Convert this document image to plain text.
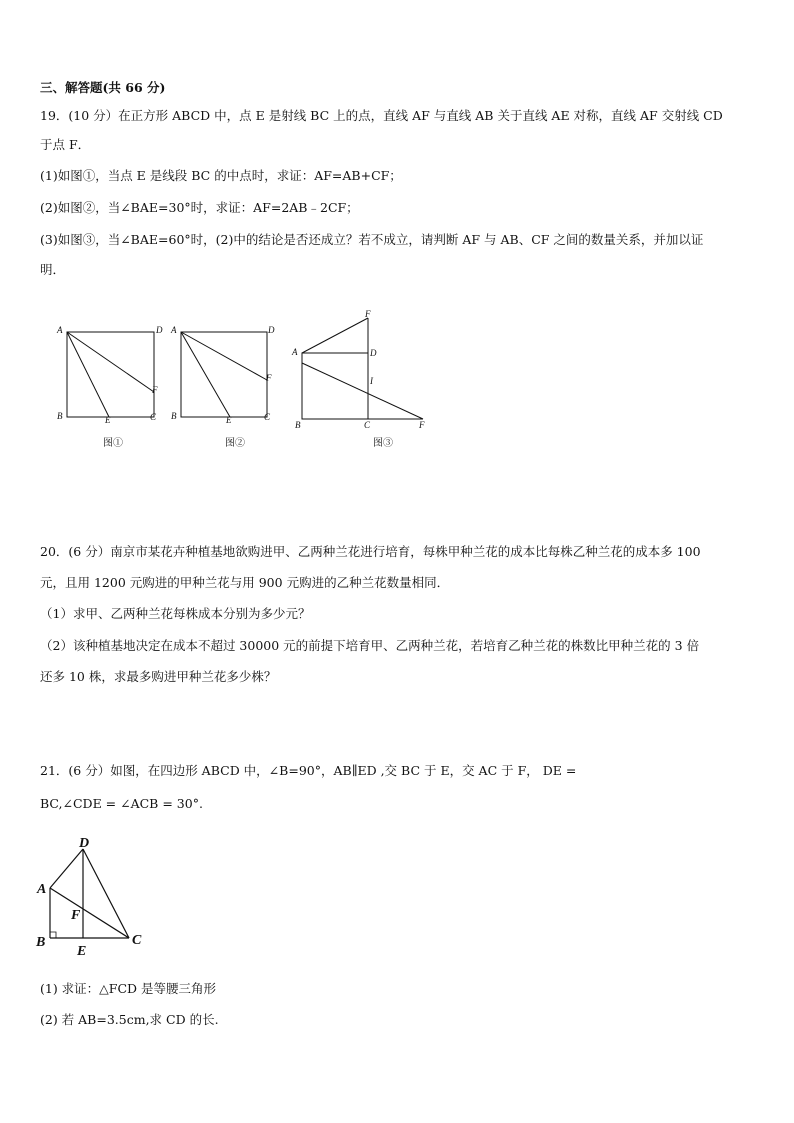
三、解答题(共 66 分)
19．(10 分）在正方形 ABCD 中，点 E 是射线 BC 上的点，直线 AF 与直线 AB 关于直线 AE 对称，直线 AF 交射线 CD
于点 F．
(1)如图①，当点 E 是线段 BC 的中点时，求证：AF=AB+CF；
(2)如图②，当∠BAE=30°时，求证：AF=2AB﹣2CF；
(3)如图③，当∠BAE=60°时，(2)中的结论是否还成立？若不成立，请判断 AF 与 AB、CF 之间的数量关系，并加以证
明．
A	D
B	C
E
F
图①
A	D
B	C
E
F
图②
F
A	D
I
B	C	F
图③
20．(6 分）南京市某花卉种植基地欲购进甲、乙两种兰花进行培育，每株甲种兰花的成本比每株乙种兰花的成本多 100
元，且用 1200 元购进的甲种兰花与用 900 元购进的乙种兰花数量相同．
（1）求甲、乙两种兰花每株成本分别为多少元？
（2）该种植基地决定在成本不超过 30000 元的前提下培育甲、乙两种兰花，若培育乙种兰花的株数比甲种兰花的 3 倍
还多 10 株，求最多购进甲种兰花多少株？
21．(6 分）如图，在四边形 ABCD 中，∠B=90°，AB∥ED ,交 BC 于 E，交 AC 于 F， DE =
BC,∠CDE = ∠ACB = 30°.
D
A
F
B
E
C
(1) 求证：△FCD 是等腰三角形
(2) 若 AB=3.5cm,求 CD 的长.
